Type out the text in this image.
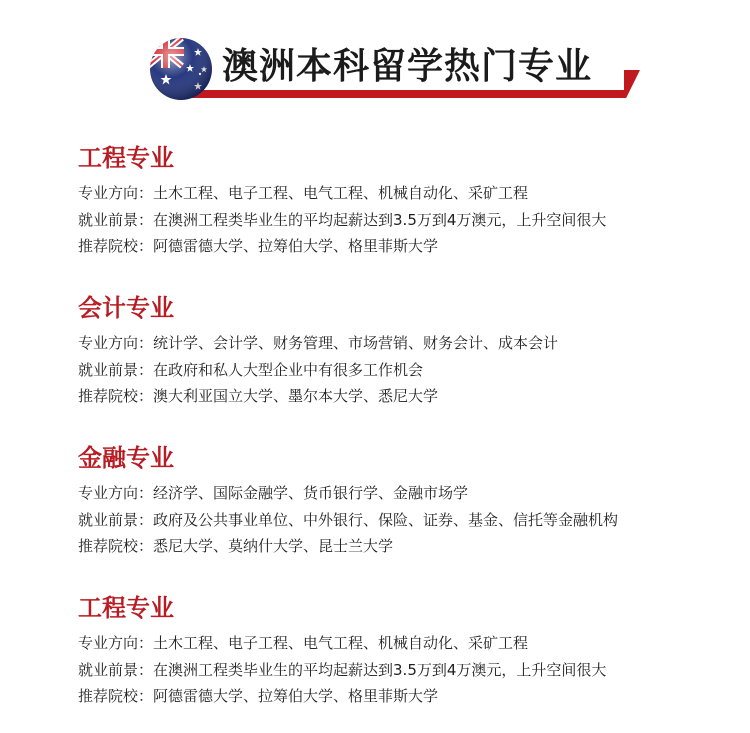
澳洲本科留学热门专业
工程专业
专业方向：土木工程、电子工程、电气工程、机械自动化、采矿工程
就业前景：在澳洲工程类毕业生的平均起薪达到3.5万到4万澳元，上升空间很大
推荐院校：阿德雷德大学、拉筹伯大学、格里菲斯大学
会计专业
专业方向：统计学、会计学、财务管理、市场营销、财务会计、成本会计
就业前景：在政府和私人大型企业中有很多工作机会
推荐院校：澳大利亚国立大学、墨尔本大学、悉尼大学
金融专业
专业方向：经济学、国际金融学、货币银行学、金融市场学
就业前景：政府及公共事业单位、中外银行、保险、证券、基金、信托等金融机构
推荐院校：悉尼大学、莫纳什大学、昆士兰大学
工程专业
专业方向：土木工程、电子工程、电气工程、机械自动化、采矿工程
就业前景：在澳洲工程类毕业生的平均起薪达到3.5万到4万澳元，上升空间很大
推荐院校：阿德雷德大学、拉筹伯大学、格里菲斯大学
